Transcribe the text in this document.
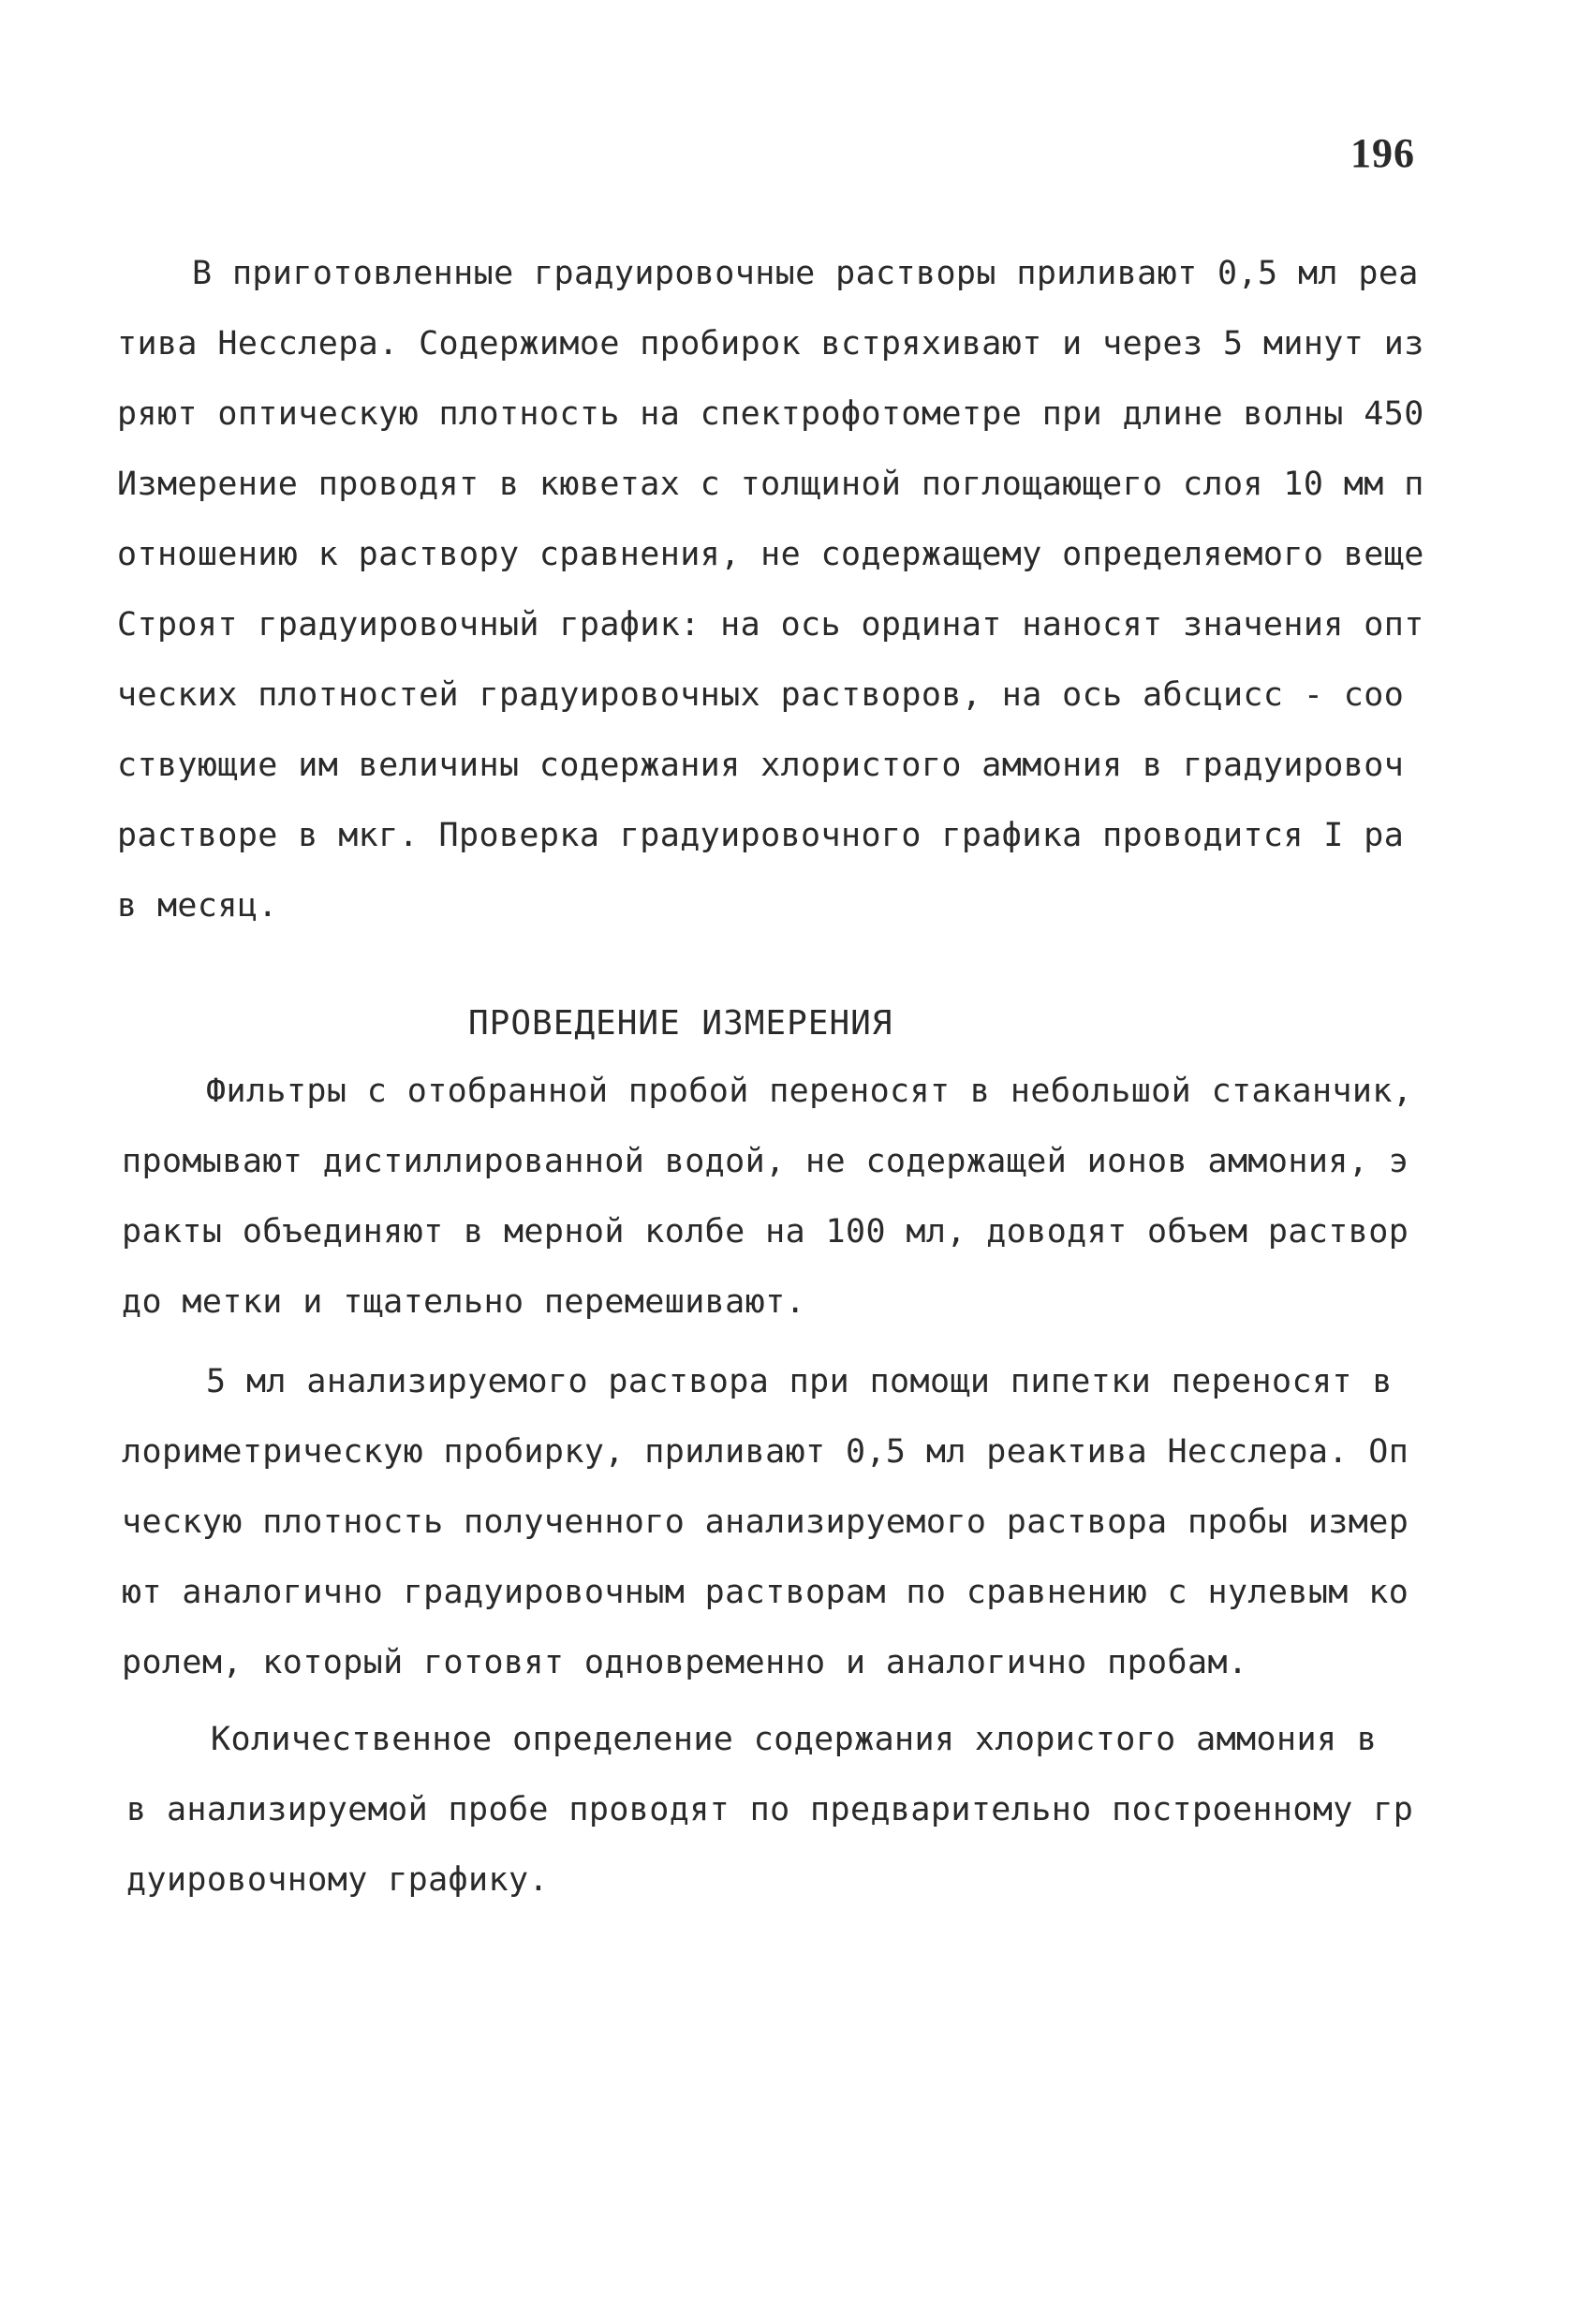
196
В приготовленные градуировочные растворы приливают 0,5 мл реа
тива Несслера. Содержимое пробирок встряхивают и через 5 минут из
ряют оптическую плотность на спектрофотометре при длине волны 450
Измерение проводят в кюветах с толщиной поглощающего слоя 10 мм п
отношению к раствору сравнения, не содержащему определяемого веще
Строят градуировочный график: на ось ординат наносят значения опт
ческих плотностей градуировочных растворов, на ось абсцисс - соо
ствующие им величины содержания хлористого аммония в градуировоч
растворе в мкг. Проверка градуировочного графика проводится I ра
в месяц.
ПРОВЕДЕНИЕ ИЗМЕРЕНИЯ
Фильтры с отобранной пробой переносят в небольшой стаканчик,
промывают дистиллированной водой, не содержащей ионов аммония, э
ракты объединяют в мерной колбе на 100 мл, доводят объем раствор
до метки и тщательно перемешивают.
5 мл анализируемого раствора при помощи пипетки переносят в
лориметрическую пробирку, приливают 0,5 мл реактива Несслера. Оп
ческую плотность полученного анализируемого раствора пробы измер
ют аналогично градуировочным растворам по сравнению с нулевым ко
ролем, который готовят одновременно и аналогично пробам.
Количественное определение содержания хлористого аммония в
в анализируемой пробе проводят по предварительно построенному гр
дуировочному графику.
